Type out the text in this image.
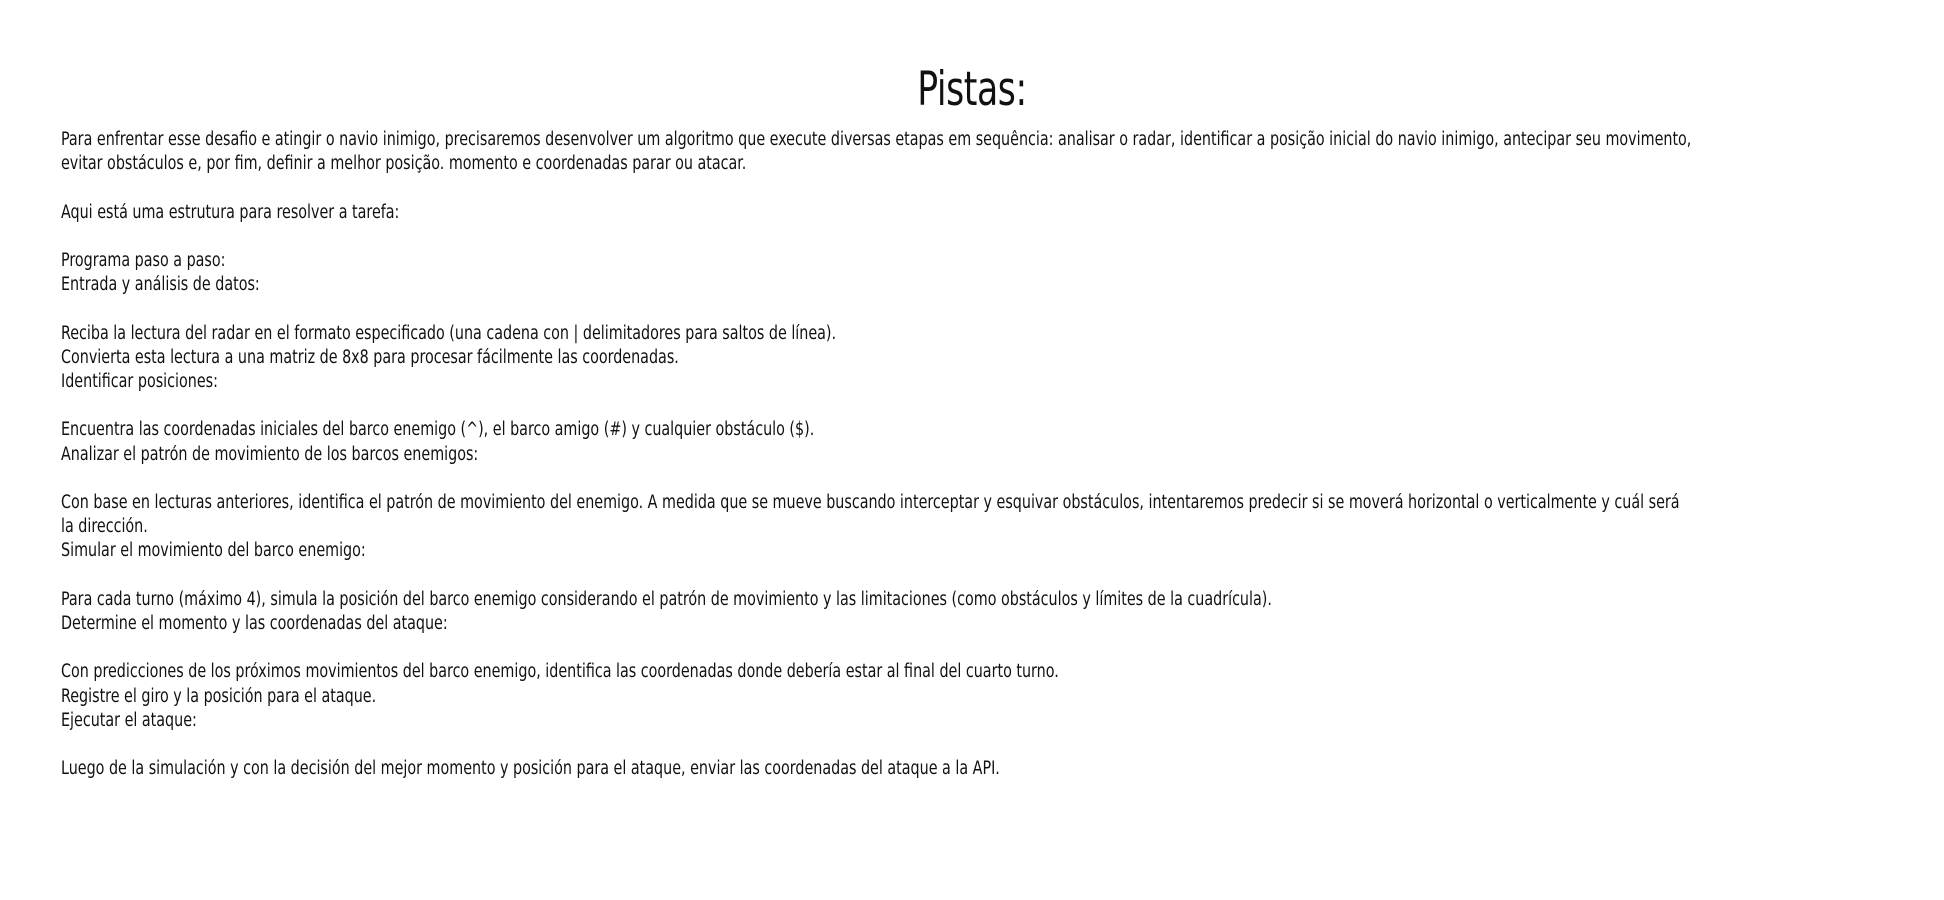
Pistas:

Para enfrentar esse desafio e atingir o navio inimigo, precisaremos desenvolver um algoritmo que execute diversas etapas em sequência: analisar o radar, identificar a posição inicial do navio inimigo, antecipar seu movimento,

evitar obstáculos e, por fim, definir a melhor posição. momento e coordenadas parar ou atacar.

Aqui está uma estrutura para resolver a tarefa:

Programa paso a paso:

Entrada y análisis de datos:

Reciba la lectura del radar en el formato especificado (una cadena con | delimitadores para saltos de línea).

Convierta esta lectura a una matriz de 8x8 para procesar fácilmente las coordenadas.

Identificar posiciones:

Encuentra las coordenadas iniciales del barco enemigo (^), el barco amigo (#) y cualquier obstáculo ($).

Analizar el patrón de movimiento de los barcos enemigos:

Con base en lecturas anteriores, identifica el patrón de movimiento del enemigo. A medida que se mueve buscando interceptar y esquivar obstáculos, intentaremos predecir si se moverá horizontal o verticalmente y cuál será

la dirección.

Simular el movimiento del barco enemigo:

Para cada turno (máximo 4), simula la posición del barco enemigo considerando el patrón de movimiento y las limitaciones (como obstáculos y límites de la cuadrícula).

Determine el momento y las coordenadas del ataque:

Con predicciones de los próximos movimientos del barco enemigo, identifica las coordenadas donde debería estar al final del cuarto turno.

Registre el giro y la posición para el ataque.

Ejecutar el ataque:

Luego de la simulación y con la decisión del mejor momento y posición para el ataque, enviar las coordenadas del ataque a la API.
